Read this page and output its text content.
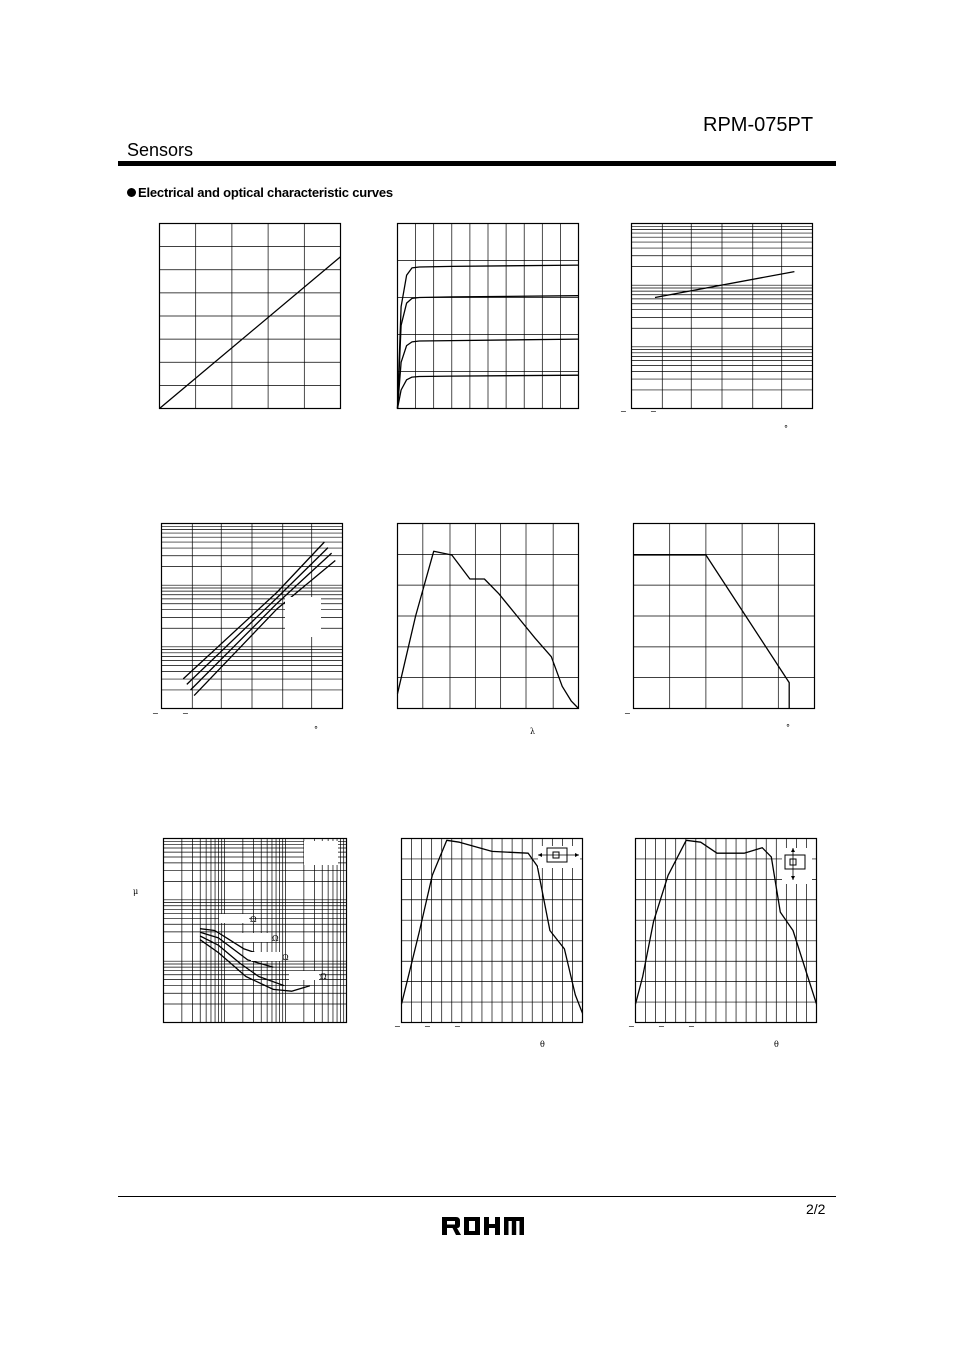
RPM-075PT
Sensors
Electrical and optical characteristic curves
−	−
°
−	−
°	λ
−
°
μ
Ω
Ω
Ω
Ω
−	−	−
θ
−	−	−
θ
2/2
